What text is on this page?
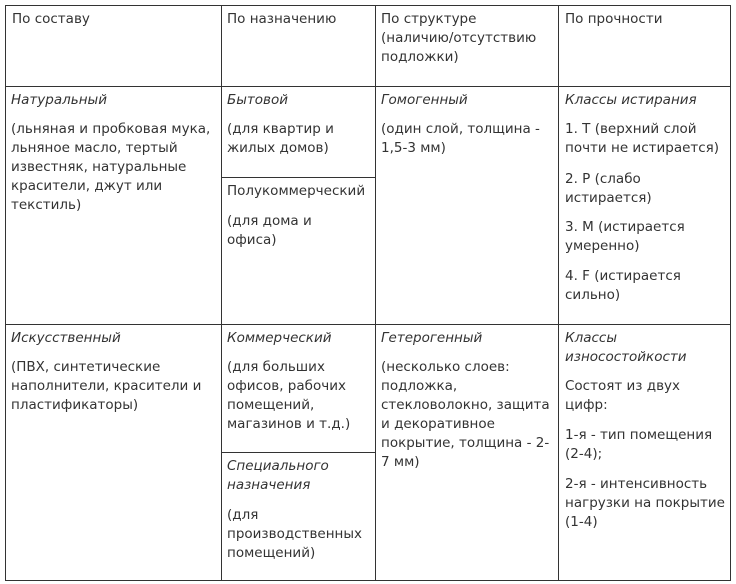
По составу	По назначению	По структуре (наличию/отсутствию подложки)
По прочности
Натуральный
(льняная и пробковая мука, льняное масло, тертый известняк, натуральные красители, джут или текстиль)
Бытовой
(для квартир и жилых домов)
Полукоммерческий
(для дома и офиса)
Гомогенный
(один слой, толщина - 1,5-3 мм)
Классы истирания
1. T (верхний слой почти не истирается)
2. P (слабо истирается)
3. M (истирается умеренно)
4. F (истирается сильно)
Искусственный
(ПВХ, синтетические наполнители, красители и пластификаторы)
Коммерческий
(для больших офисов, рабочих помещений, магазинов и т.д.)
Специального назначения
(для производственных помещений)
Гетерогенный
(несколько слоев: подложка, стекловолокно, защита и декоративное покрытие, толщина - 2-7 мм)
Классы износостойкости
Состоят из двух цифр:
1-я - тип помещения (2-4);
2-я - интенсивность нагрузки на покрытие (1-4)
